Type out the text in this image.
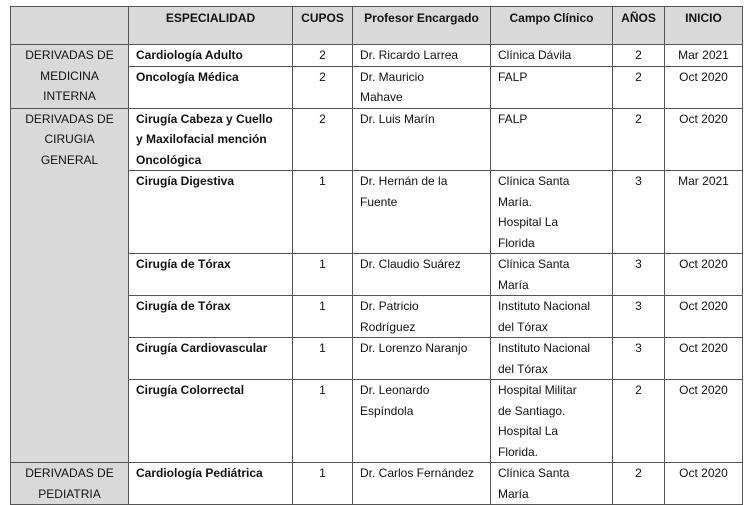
	ESPECIALIDAD	CUPOS	Profesor Encargado	Campo Clínico	AÑOS	INICIO
DERIVADAS DE
MEDICINA
INTERNA	Cardiología Adulto	2	Dr. Ricardo Larrea	Clínica Dávila	2	Mar 2021
	Oncología Médica	2	Dr. Mauricio
Mahave	FALP	2	Oct 2020
DERIVADAS DE
CIRUGIA
GENERAL	Cirugía Cabeza y Cuello
y Maxilofacial mención
Oncológica	2	Dr. Luis Marín	FALP	2	Oct 2020
	Cirugía Digestiva	1	Dr. Hernán de la
Fuente	Clínica Santa
María.
Hospital La
Florida	3	Mar 2021
	Cirugía de Tórax	1	Dr. Claudio Suárez	Clínica Santa
María	3	Oct 2020
	Cirugía de Tórax	1	Dr. Patricio
Rodríguez	Instituto Nacional
del Tórax	3	Oct 2020
	Cirugía Cardiovascular	1	Dr. Lorenzo Naranjo	Instituto Nacional
del Tórax	3	Oct 2020
	Cirugía Colorrectal	1	Dr. Leonardo
Espíndola	Hospital Militar
de Santiago.
Hospital La
Florida.	2	Oct 2020
DERIVADAS DE
PEDIATRIA	Cardiología Pediátrica	1	Dr. Carlos Fernández	Clínica Santa
María	2	Oct 2020
